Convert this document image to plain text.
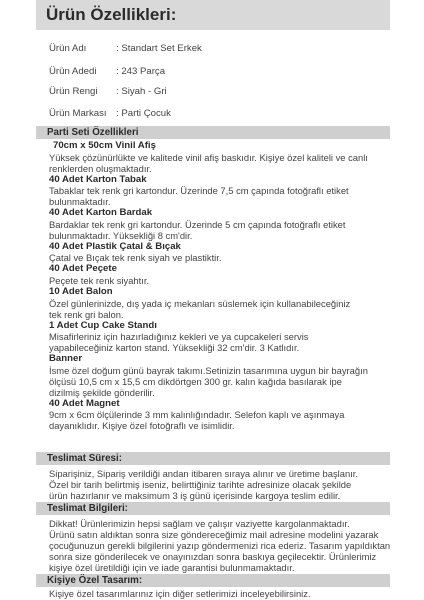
Ürün Özellikleri:
Ürün Adı	: Standart Set Erkek
Ürün Adedi : 243 Parça
Ürün Rengi : Siyah - Gri
Ürün Markası : Parti Çocuk
Parti Seti Özellikleri
70cm x 50cm Vinil Afiş
Yüksek çözünürlükte ve kalitede vinil afiş baskıdır. Kişiye özel kaliteli ve canlı
renklerden oluşmaktadır.
40 Adet Karton Tabak
Tabaklar tek renk gri kartondur. Üzerinde 7,5 cm çapında fotoğraflı etiket
bulunmaktadır.
40 Adet Karton Bardak
Bardaklar tek renk gri kartondur. Üzerinde 5 cm çapında fotoğraflı etiket
bulunmaktadır. Yüksekliği 8 cm'dir.
40 Adet Plastik Çatal & Bıçak
Çatal ve Bıçak tek renk siyah ve plastiktir.
40 Adet Peçete
Peçete tek renk siyahtır.
10 Adet Balon
Özel günlerinizde, dış yada iç mekanları süslemek için kullanabileceğiniz
tek renk gri balon.
1 Adet Cup Cake Standı
Misafirleriniz için hazırladığınız kekleri ve ya cupcakeleri servis
yapabileceğiniz karton stand. Yüksekliği 32 cm'dir. 3 Katlıdır.
Banner
İsme özel doğum günü bayrak takımı.Setinizin tasarımına uygun bir bayrağın
ölçüsü 10,5 cm x 15,5 cm dikdörtgen 300 gr. kalın kağıda basılarak ipe
dizilmiş şekilde gönderilir.
40 Adet Magnet
9cm x 6cm ölçülerinde 3 mm kalınlığındadır. Selefon kaplı ve aşınmaya
dayanıklıdır. Kişiye özel fotoğraflı ve isimlidir.
Teslimat Süresi:
Siparişiniz, Sipariş verildiği andan itibaren sıraya alınır ve üretime başlanır.
Özel bir tarih belirtmiş iseniz, belirttiğiniz tarihte adresinize olacak şekilde
ürün hazırlanır ve maksimum 3 iş günü içerisinde kargoya teslim edilir.
Teslimat Bilgileri:
Dikkat! Ürünlerimizin hepsi sağlam ve çalışır vaziyette kargolanmaktadır.
Ürünü satın aldıktan sonra size göndereceğimiz mail adresine modelini yazarak
çocuğunuzun gerekli bilgilerini yazıp göndermenizi rica ederiz. Tasarım yapıldıktan
sonra size gönderilecek ve onayınızdan sonra baskıya geçilecektir. Ürünlerimiz
kişiye özel üretildiği için ve iade garantisi bulunmamaktadır.
Kişiye Özel Tasarım:
Kişiye özel tasarımlarınız için diğer setlerimizi inceleyebilirsiniz.
